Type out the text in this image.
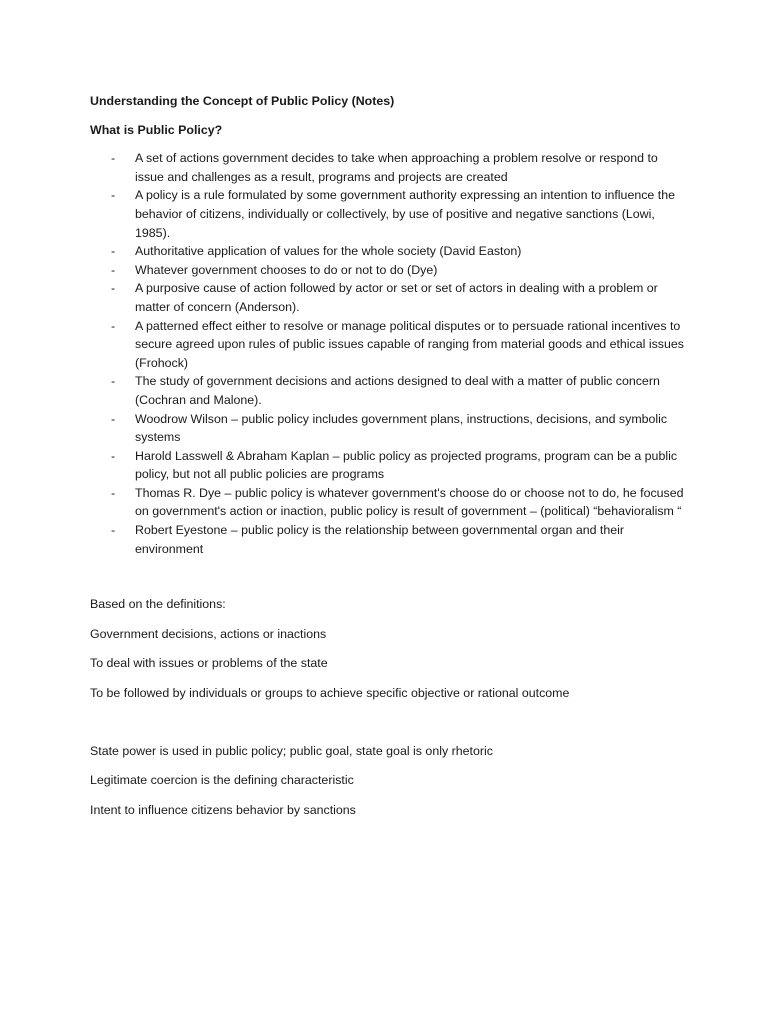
Understanding the Concept of Public Policy (Notes)

What is Public Policy?

- A set of actions government decides to take when approaching a problem resolve or respond to issue and challenges as a result, programs and projects are created
- A policy is a rule formulated by some government authority expressing an intention to influence the behavior of citizens, individually or collectively, by use of positive and negative sanctions (Lowi, 1985).
- Authoritative application of values for the whole society (David Easton)
- Whatever government chooses to do or not to do (Dye)
- A purposive cause of action followed by actor or set or set of actors in dealing with a problem or matter of concern (Anderson).
- A patterned effect either to resolve or manage political disputes or to persuade rational incentives to secure agreed upon rules of public issues capable of ranging from material goods and ethical issues (Frohock)
- The study of government decisions and actions designed to deal with a matter of public concern (Cochran and Malone).
- Woodrow Wilson – public policy includes government plans, instructions, decisions, and symbolic systems
- Harold Lasswell & Abraham Kaplan – public policy as projected programs, program can be a public policy, but not all public policies are programs
- Thomas R. Dye – public policy is whatever government's choose do or choose not to do, he focused on government's action or inaction, public policy is result of government – (political) “behavioralism “
- Robert Eyestone – public policy is the relationship between governmental organ and their environment

Based on the definitions:

Government decisions, actions or inactions

To deal with issues or problems of the state

To be followed by individuals or groups to achieve specific objective or rational outcome

State power is used in public policy; public goal, state goal is only rhetoric

Legitimate coercion is the defining characteristic

Intent to influence citizens behavior by sanctions
